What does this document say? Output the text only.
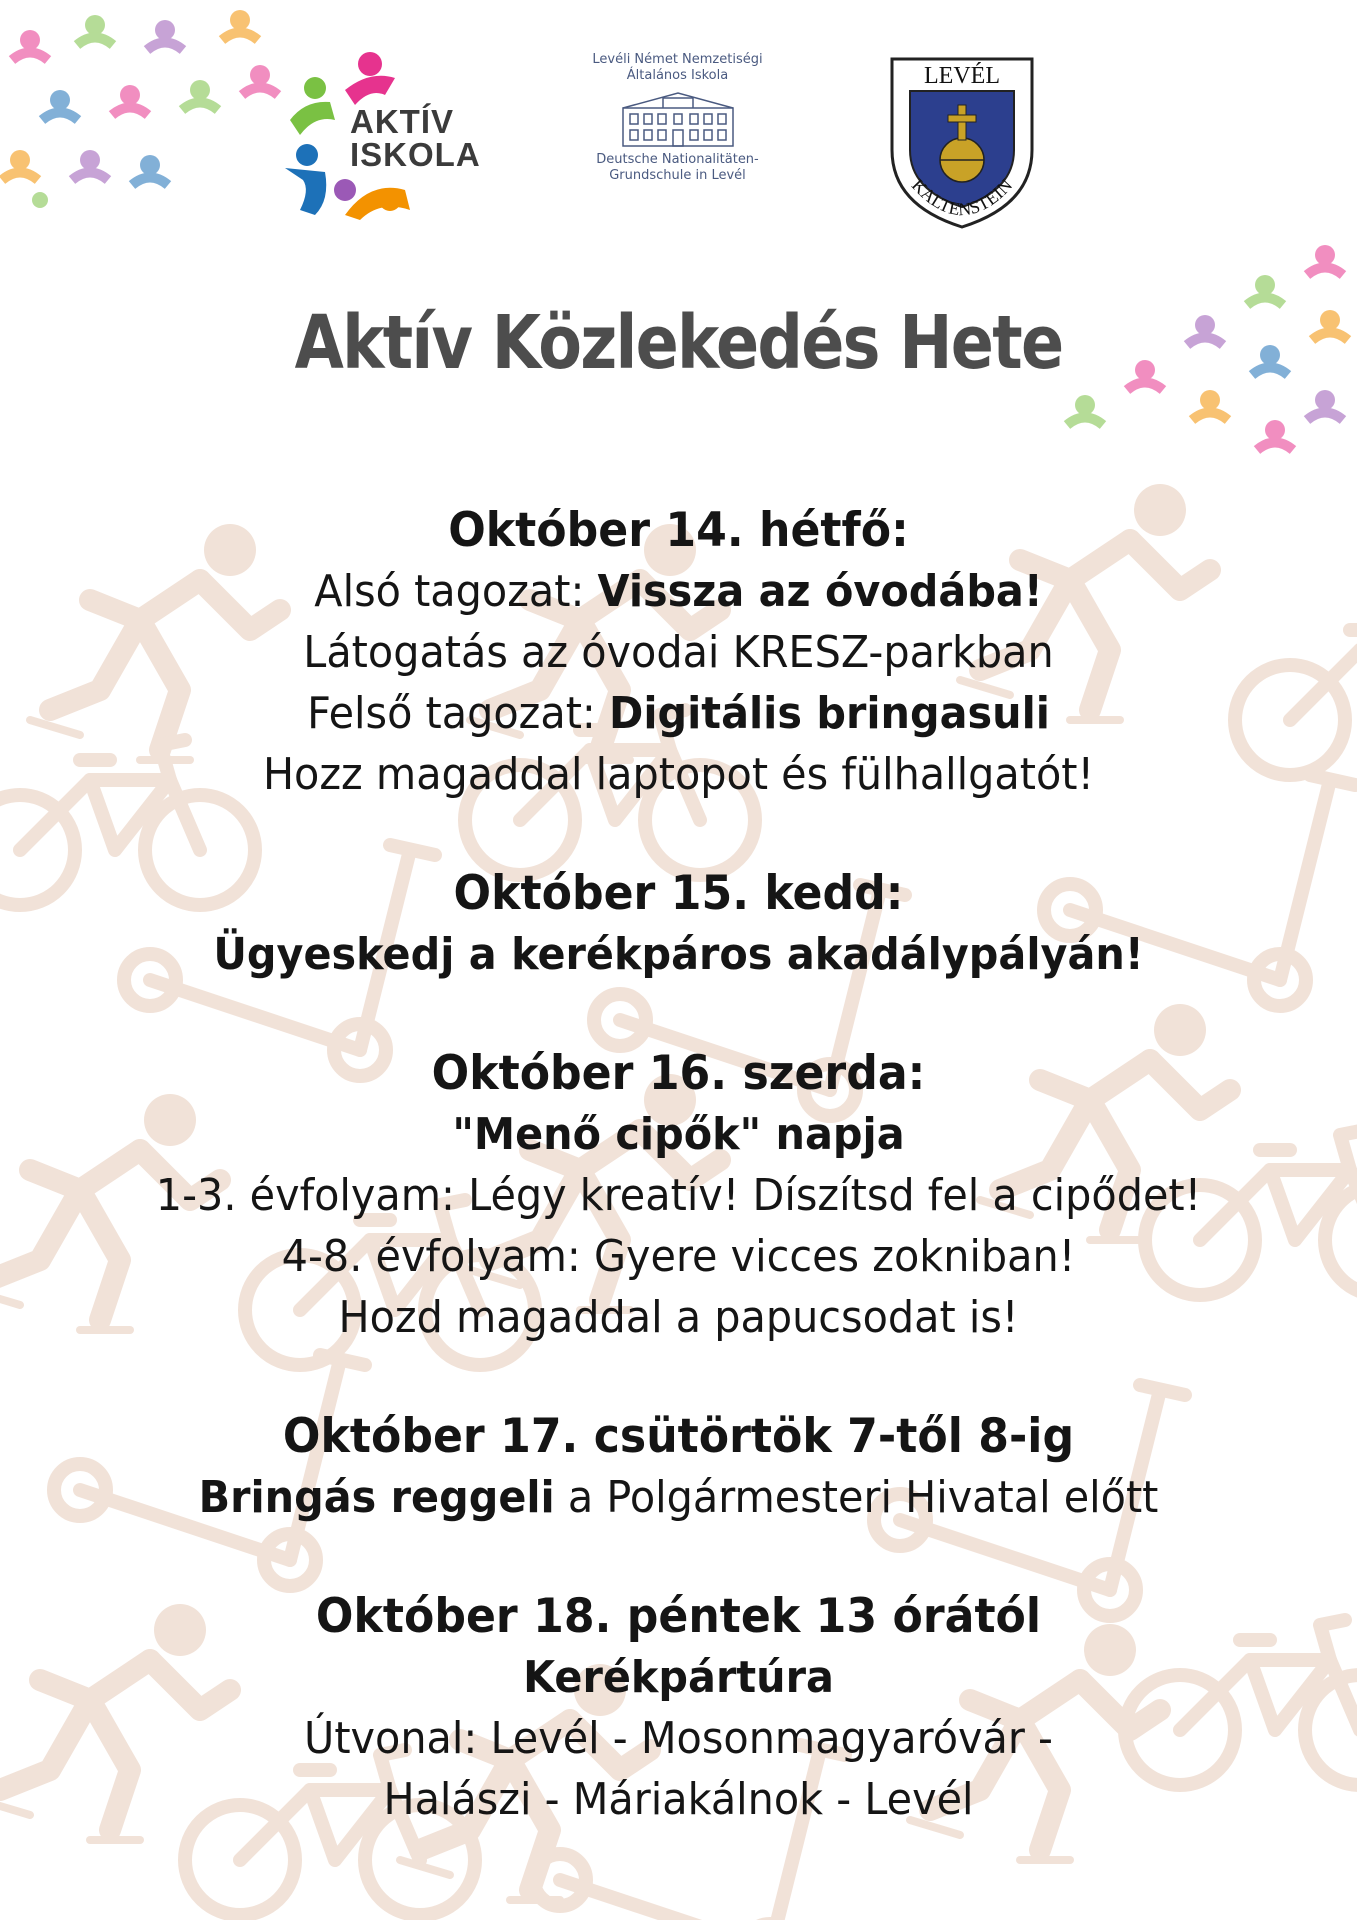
AKTÍV
ISKOLA
Levéli Német Nemzetiségi
Általános Iskola
Deutsche Nationalitäten-
Grundschule in Levél
LEVÉL
KALTENSTEIN
Aktív Közlekedés Hete
Október 14. hétfő:
Alsó tagozat: Vissza az óvodába!
Látogatás az óvodai KRESZ-parkban
Felső tagozat: Digitális bringasuli
Hozz magaddal laptopot és fülhallgatót!
Október 15. kedd:
Ügyeskedj a kerékpáros akadálypályán!
Október 16. szerda:
"Menő cipők" napja
1-3. évfolyam: Légy kreatív! Díszítsd fel a cipődet!
4-8. évfolyam: Gyere vicces zokniban!
Hozd magaddal a papucsodat is!
Október 17. csütörtök 7-től 8-ig
Bringás reggeli a Polgármesteri Hivatal előtt
Október 18. péntek 13 órától
Kerékpártúra
Útvonal: Levél - Mosonmagyaróvár -
Halászi - Máriakálnok - Levél
